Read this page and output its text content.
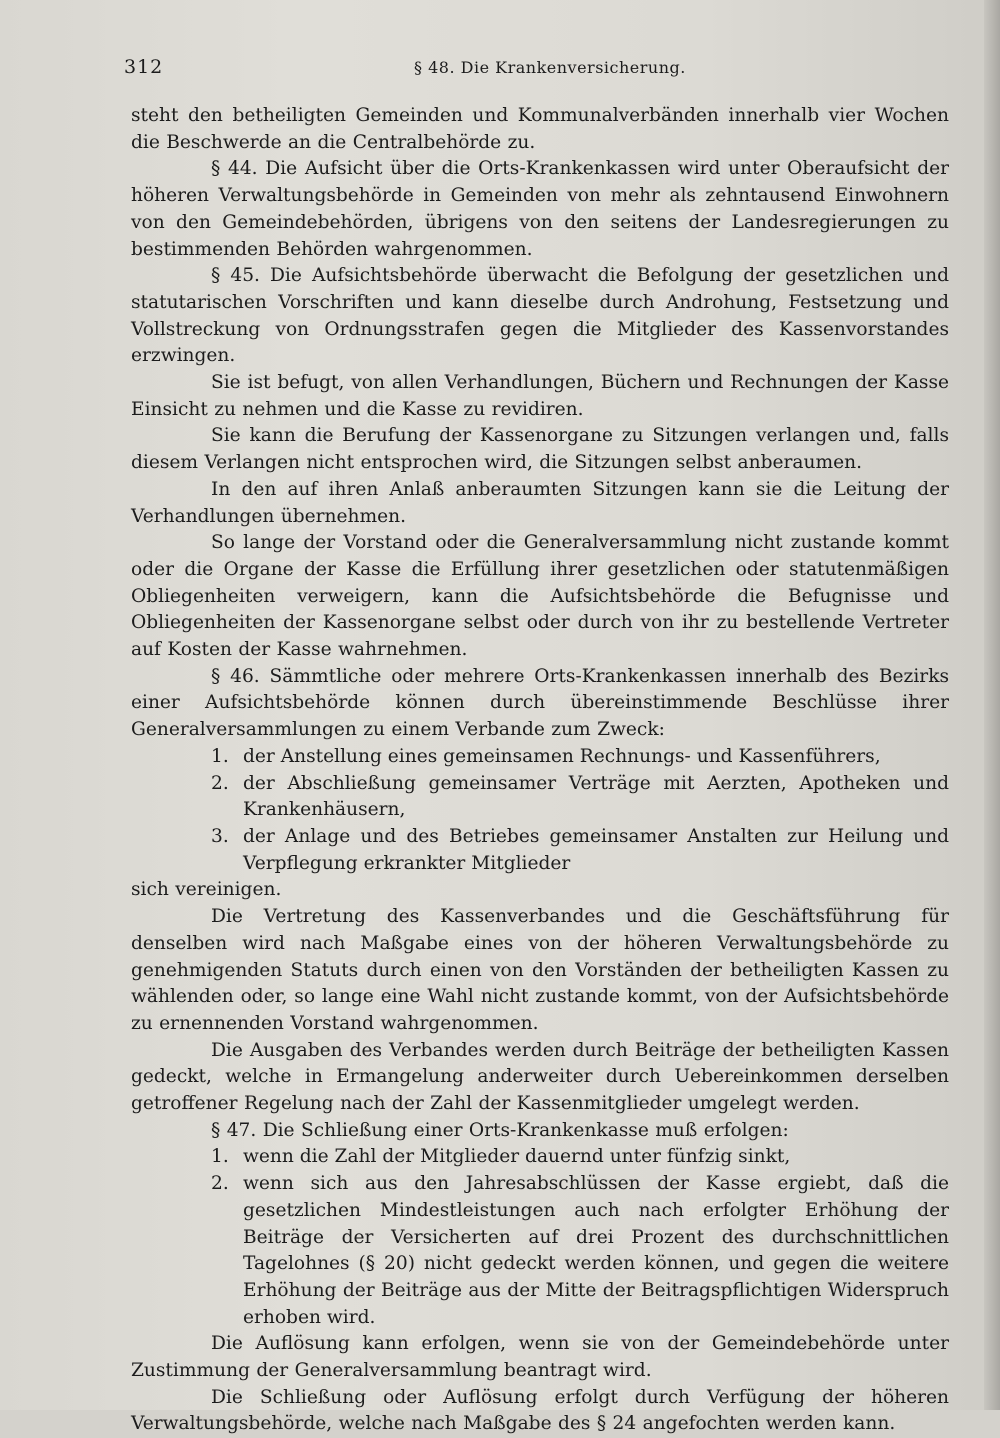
312	§ 48. Die Krankenversicherung.

steht den betheiligten Gemeinden und Kommunalverbänden innerhalb vier Wochen die Beschwerde an die Centralbehörde zu.

§ 44. Die Aufsicht über die Orts-Krankenkassen wird unter Oberaufsicht der höheren Verwaltungsbehörde in Gemeinden von mehr als zehntausend Einwohnern von den Gemeindebehörden, übrigens von den seitens der Landesregierungen zu bestimmenden Behörden wahrgenommen.

§ 45. Die Aufsichtsbehörde überwacht die Befolgung der gesetzlichen und statutarischen Vorschriften und kann dieselbe durch Androhung, Festsetzung und Vollstreckung von Ordnungsstrafen gegen die Mitglieder des Kassenvorstandes erzwingen.

Sie ist befugt, von allen Verhandlungen, Büchern und Rechnungen der Kasse Einsicht zu nehmen und die Kasse zu revidiren.

Sie kann die Berufung der Kassenorgane zu Sitzungen verlangen und, falls diesem Verlangen nicht entsprochen wird, die Sitzungen selbst anberaumen.

In den auf ihren Anlaß anberaumten Sitzungen kann sie die Leitung der Verhandlungen übernehmen.

So lange der Vorstand oder die Generalversammlung nicht zustande kommt oder die Organe der Kasse die Erfüllung ihrer gesetzlichen oder statutenmäßigen Obliegenheiten verweigern, kann die Aufsichtsbehörde die Befugnisse und Obliegenheiten der Kassenorgane selbst oder durch von ihr zu bestellende Vertreter auf Kosten der Kasse wahrnehmen.

§ 46. Sämmtliche oder mehrere Orts-Krankenkassen innerhalb des Bezirks einer Aufsichtsbehörde können durch übereinstimmende Beschlüsse ihrer Generalversammlungen zu einem Verbande zum Zweck:

1. der Anstellung eines gemeinsamen Rechnungs- und Kassenführers,
2. der Abschließung gemeinsamer Verträge mit Aerzten, Apotheken und Krankenhäusern,
3. der Anlage und des Betriebes gemeinsamer Anstalten zur Heilung und Verpflegung erkrankter Mitglieder

sich vereinigen.

Die Vertretung des Kassenverbandes und die Geschäftsführung für denselben wird nach Maßgabe eines von der höheren Verwaltungsbehörde zu genehmigenden Statuts durch einen von den Vorständen der betheiligten Kassen zu wählenden oder, so lange eine Wahl nicht zustande kommt, von der Aufsichtsbehörde zu ernennenden Vorstand wahrgenommen.

Die Ausgaben des Verbandes werden durch Beiträge der betheiligten Kassen gedeckt, welche in Ermangelung anderweiter durch Uebereinkommen derselben getroffener Regelung nach der Zahl der Kassenmitglieder umgelegt werden.

§ 47. Die Schließung einer Orts-Krankenkasse muß erfolgen:

1. wenn die Zahl der Mitglieder dauernd unter fünfzig sinkt,
2. wenn sich aus den Jahresabschlüssen der Kasse ergiebt, daß die gesetzlichen Mindestleistungen auch nach erfolgter Erhöhung der Beiträge der Versicherten auf drei Prozent des durchschnittlichen Tagelohnes (§ 20) nicht gedeckt werden können, und gegen die weitere Erhöhung der Beiträge aus der Mitte der Beitragspflichtigen Widerspruch erhoben wird.

Die Auflösung kann erfolgen, wenn sie von der Gemeindebehörde unter Zustimmung der Generalversammlung beantragt wird.

Die Schließung oder Auflösung erfolgt durch Verfügung der höheren Verwaltungsbehörde, welche nach Maßgabe des § 24 angefochten werden kann.
